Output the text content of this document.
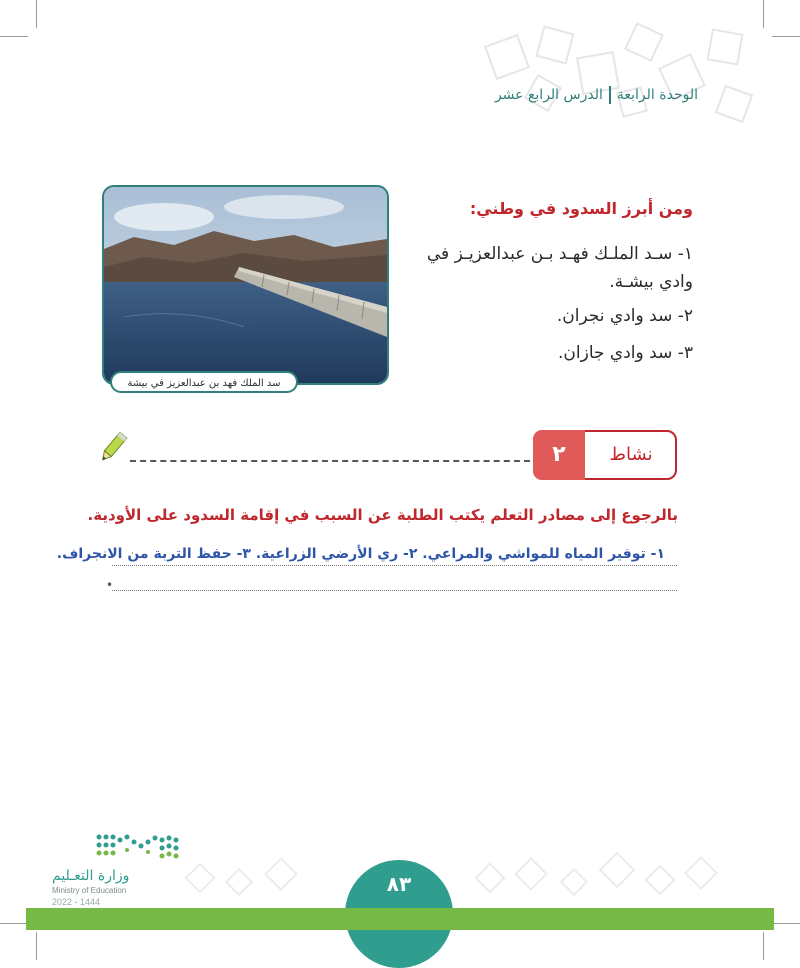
الوحدة الرابعة
الدرس الرابع عشر
سد الملك فهد بن عبدالعزيز في بيشة
ومن أبرز السدود في وطني:
١- سـد الملـك فهـد بـن عبدالعزيـز في وادي بيشـة.
٢- سد وادي نجران.
٣- سد وادي جازان.
٢	نشاط
بالرجوع إلى مصادر التعلم يكتب الطلبة عن السبب في إقامة السدود على الأودية.
١- توفير المياه للمواشي والمراعي. ٢- ري الأرضي الزراعية. ٣- حفظ التربة من الانجراف.
•
وزارة التعـليم
Ministry of Education
2022 - 1444
٨٣
